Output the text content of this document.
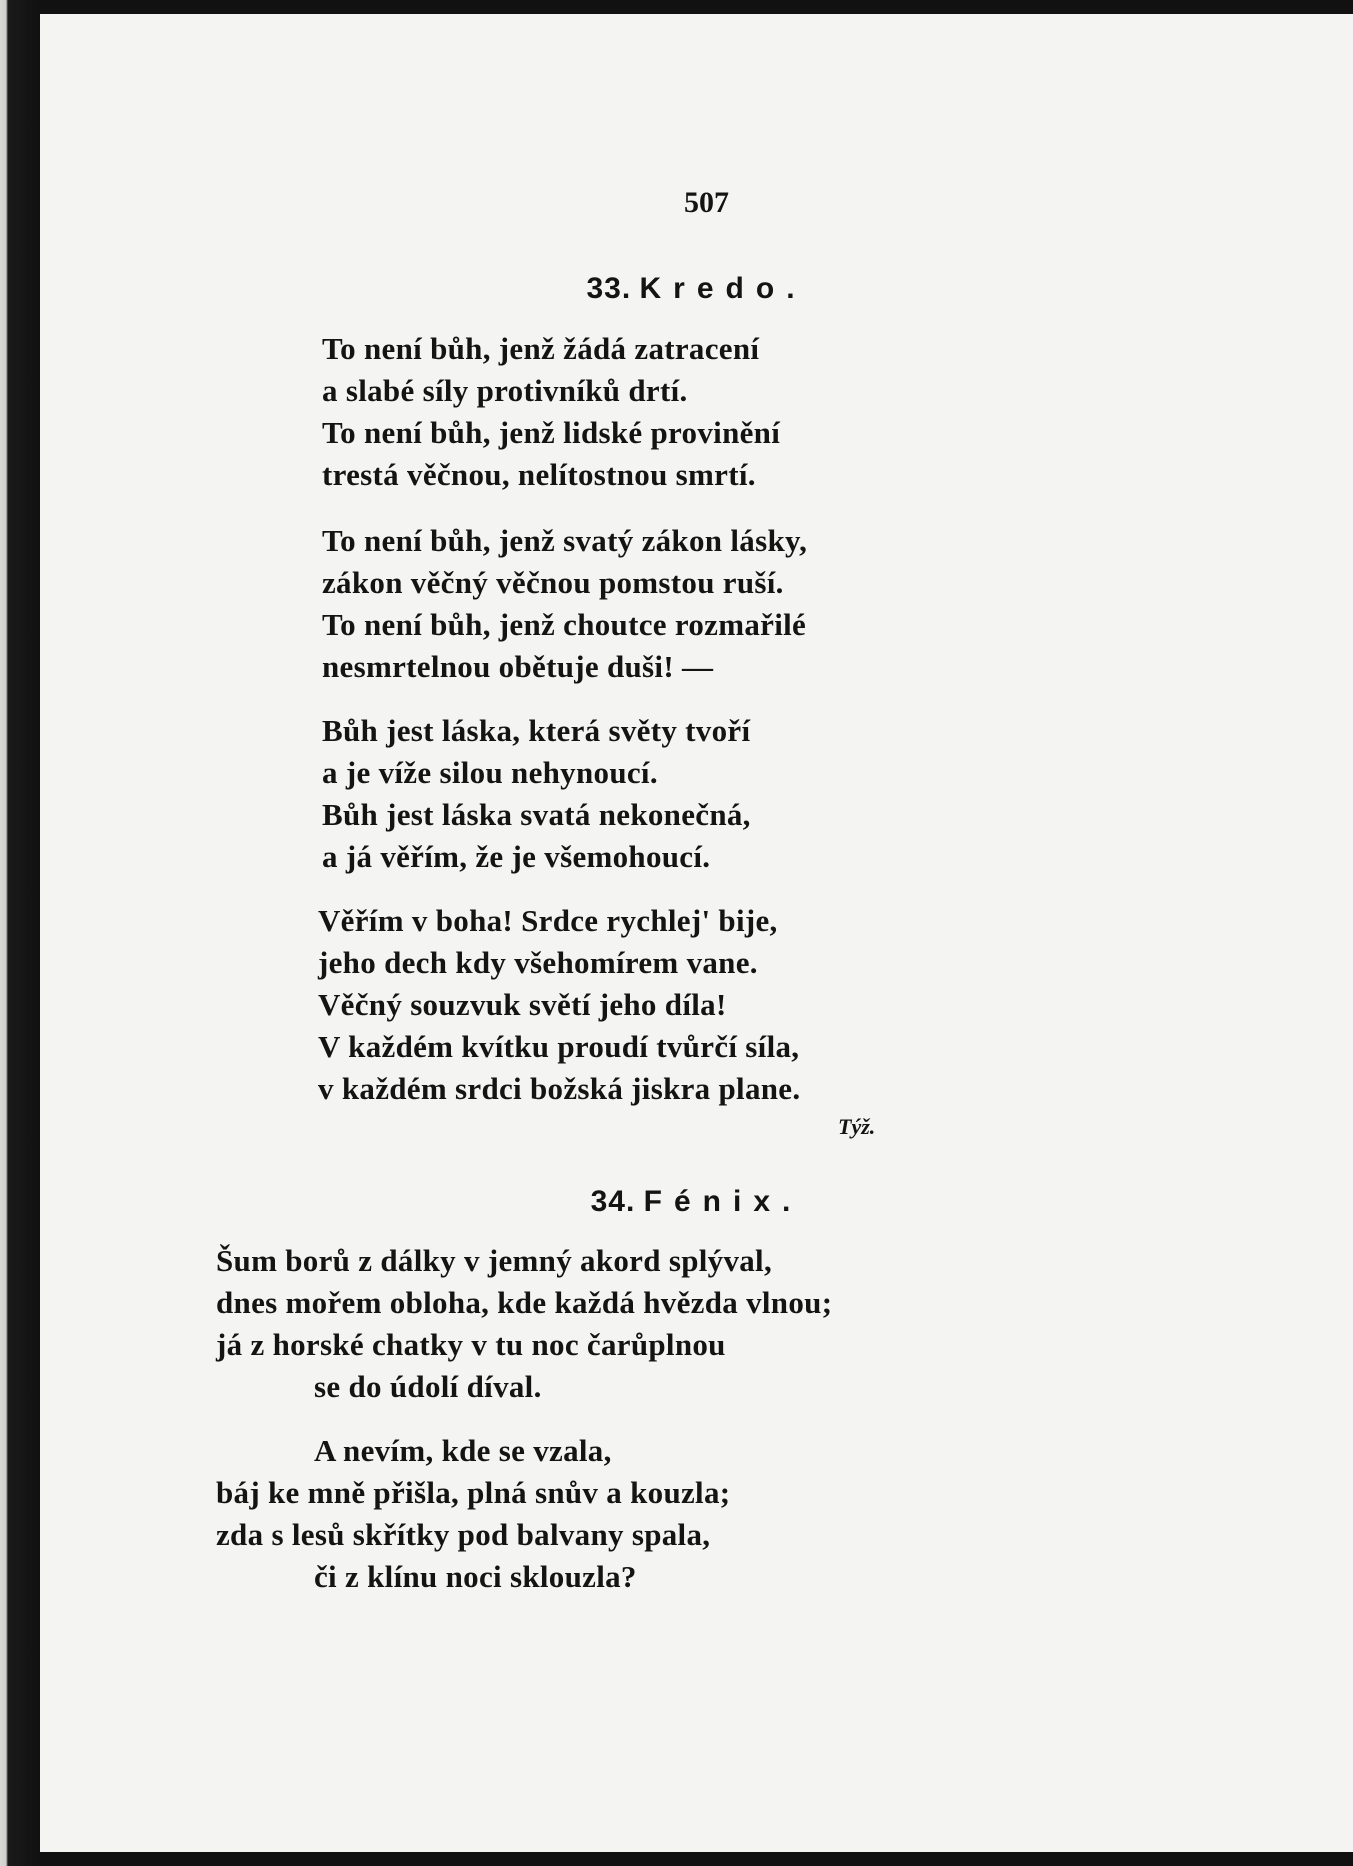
507
33. Kredo.
To není bůh, jenž žádá zatracení
a slabé síly protivníků drtí.
To není bůh, jenž lidské provinění
trestá věčnou, nelítostnou smrtí.
To není bůh, jenž svatý zákon lásky,
zákon věčný věčnou pomstou ruší.
To není bůh, jenž choutce rozmařilé
nesmrtelnou obětuje duši! —
Bůh jest láska, která světy tvoří
a je víže silou nehynoucí.
Bůh jest láska svatá nekonečná,
a já věřím, že je všemohoucí.
Věřím v boha! Srdce rychlej' bije,
jeho dech kdy všehomírem vane.
Věčný souzvuk světí jeho díla!
V každém kvítku proudí tvůrčí síla,
v každém srdci božská jiskra plane.
Týž.
34. Fénix.
Šum borů z dálky v jemný akord splýval,
dnes mořem obloha, kde každá hvězda vlnou;
já z horské chatky v tu noc čarůplnou
se do údolí díval.
A nevím, kde se vzala,
báj ke mně přišla, plná snův a kouzla;
zda s lesů skřítky pod balvany spala,
či z klínu noci sklouzla?
